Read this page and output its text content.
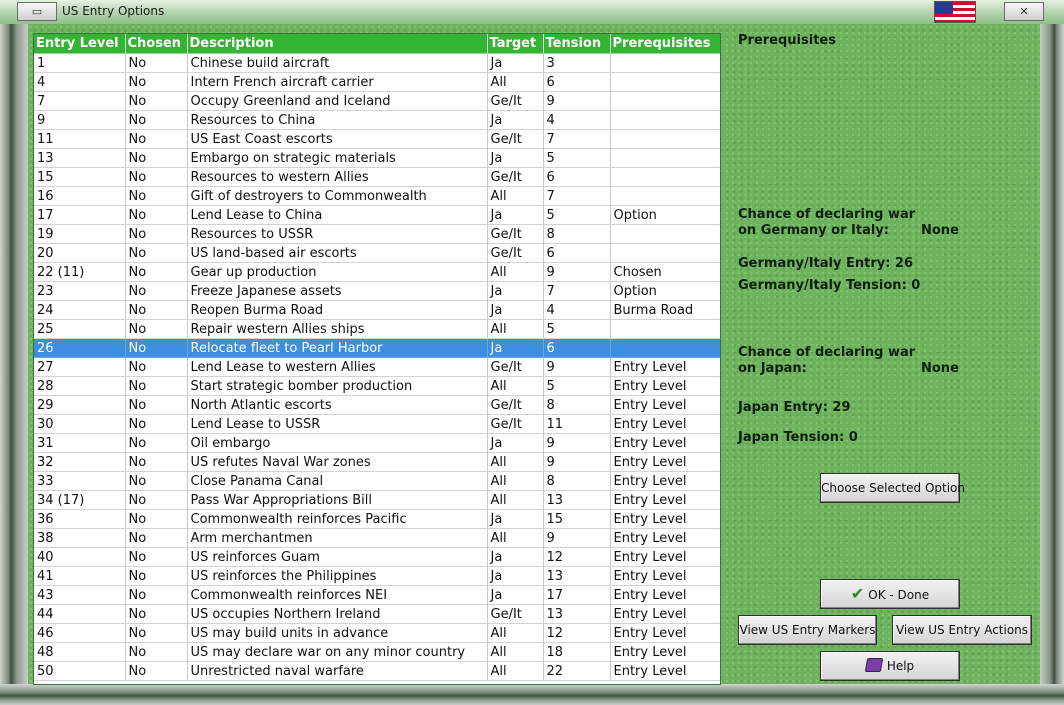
▭	US Entry Options	✕
Entry Level	Chosen	Description	Target	Tension	Prerequisites
1	No	Chinese build aircraft	Ja	3	
4	No	Intern French aircraft carrier	All	6	
7	No	Occupy Greenland and Iceland	Ge/It	9	
9	No	Resources to China	Ja	4	
11	No	US East Coast escorts	Ge/It	7	
13	No	Embargo on strategic materials	Ja	5	
15	No	Resources to western Allies	Ge/It	6	
16	No	Gift of destroyers to Commonwealth	All	7	
17	No	Lend Lease to China	Ja	5	Option
19	No	Resources to USSR	Ge/It	8	
20	No	US land-based air escorts	Ge/It	6	
22 (11)	No	Gear up production	All	9	Chosen
23	No	Freeze Japanese assets	Ja	7	Option
24	No	Reopen Burma Road	Ja	4	Burma Road
25	No	Repair western Allies ships	All	5	
26	No	Relocate fleet to Pearl Harbor	Ja	6	
27	No	Lend Lease to western Allies	Ge/It	9	Entry Level
28	No	Start strategic bomber production	All	5	Entry Level
29	No	North Atlantic escorts	Ge/It	8	Entry Level
30	No	Lend Lease to USSR	Ge/It	11	Entry Level
31	No	Oil embargo	Ja	9	Entry Level
32	No	US refutes Naval War zones	All	9	Entry Level
33	No	Close Panama Canal	All	8	Entry Level
34 (17)	No	Pass War Appropriations Bill	All	13	Entry Level
36	No	Commonwealth reinforces Pacific	Ja	15	Entry Level
38	No	Arm merchantmen	All	9	Entry Level
40	No	US reinforces Guam	Ja	12	Entry Level
41	No	US reinforces the Philippines	Ja	13	Entry Level
43	No	Commonwealth reinforces NEI	Ja	17	Entry Level
44	No	US occupies Northern Ireland	Ge/It	13	Entry Level
46	No	US may build units in advance	All	12	Entry Level
48	No	US may declare war on any minor country	All	18	Entry Level
50	No	Unrestricted naval warfare	All	22	Entry Level
Prerequisites
Chance of declaring war
on Germany or Italy:	None
Germany/Italy Entry: 26
Germany/Italy Tension: 0
Chance of declaring war
on Japan:	None
Japan Entry: 29
Japan Tension: 0
Choose Selected Option
✔ OK - Done
View US Entry Markers	View US Entry Actions
Help
